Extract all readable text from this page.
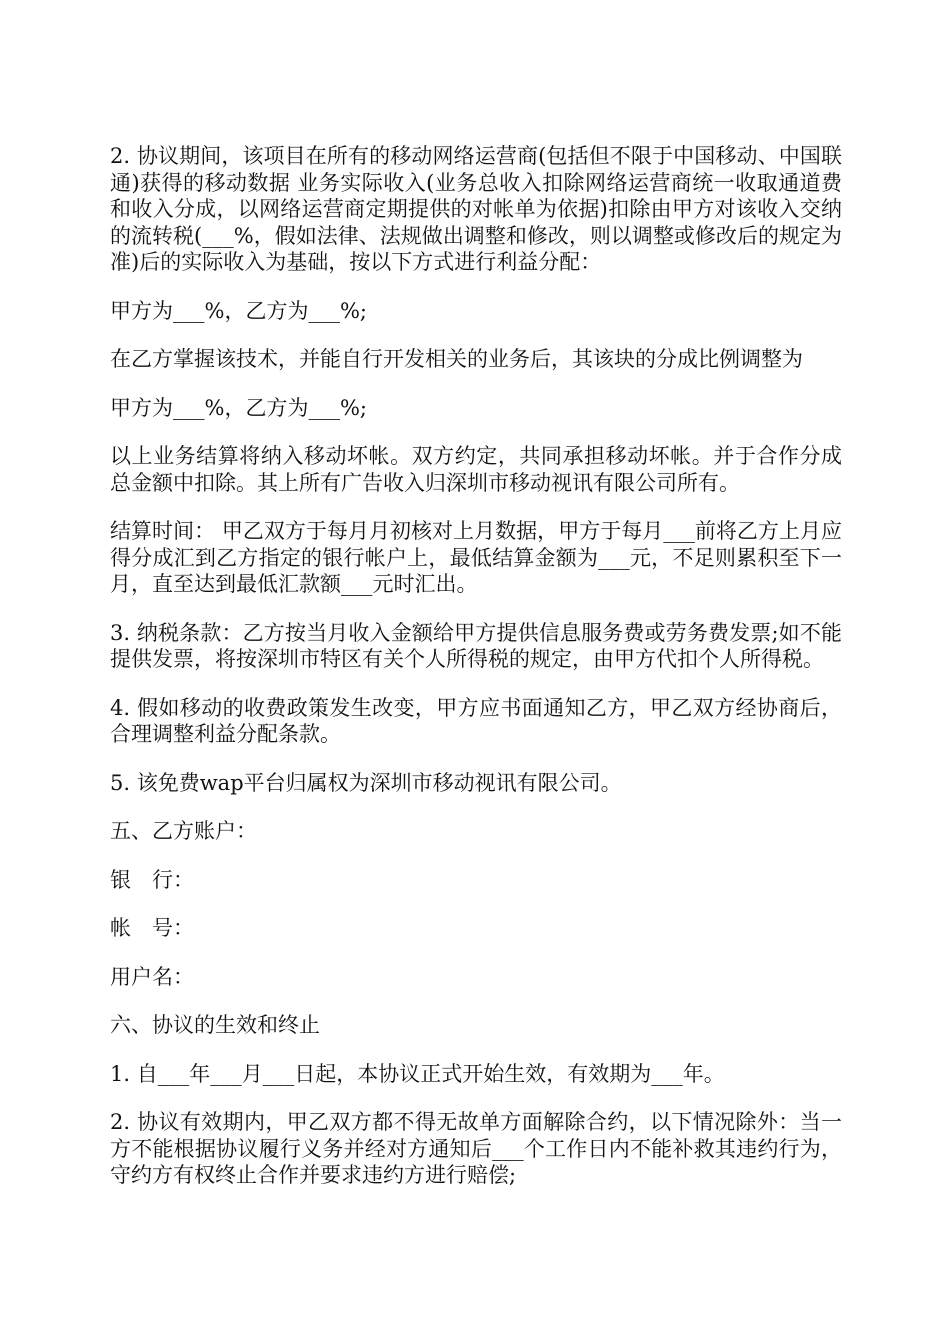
2. 协议期间，该项目在所有的移动网络运营商(包括但不限于中国移动、中国联通)获得的移动数据 业务实际收入(业务总收入扣除网络运营商统一收取通道费和收入分成，以网络运营商定期提供的对帐单为依据)扣除由甲方对该收入交纳的流转税(___%，假如法律、法规做出调整和修改，则以调整或修改后的规定为准)后的实际收入为基础，按以下方式进行利益分配：

甲方为___%，乙方为___%;

在乙方掌握该技术，并能自行开发相关的业务后，其该块的分成比例调整为

甲方为___%，乙方为___%;

以上业务结算将纳入移动坏帐。双方约定，共同承担移动坏帐。并于合作分成总金额中扣除。其上所有广告收入归深圳市移动视讯有限公司所有。

结算时间： 甲乙双方于每月月初核对上月数据，甲方于每月___前将乙方上月应得分成汇到乙方指定的银行帐户上，最低结算金额为___元，不足则累积至下一月，直至达到最低汇款额___元时汇出。

3. 纳税条款：乙方按当月收入金额给甲方提供信息服务费或劳务费发票;如不能提供发票，将按深圳市特区有关个人所得税的规定，由甲方代扣个人所得税。

4. 假如移动的收费政策发生改变，甲方应书面通知乙方，甲乙双方经协商后，合理调整利益分配条款。

5. 该免费wap平台归属权为深圳市移动视讯有限公司。

五、乙方账户：

银　行：

帐　号：

用户名：

六、协议的生效和终止

1. 自___年___月___日起，本协议正式开始生效，有效期为___年。

2. 协议有效期内，甲乙双方都不得无故单方面解除合约，以下情况除外：当一方不能根据协议履行义务并经对方通知后___个工作日内不能补救其违约行为，守约方有权终止合作并要求违约方进行赔偿;
